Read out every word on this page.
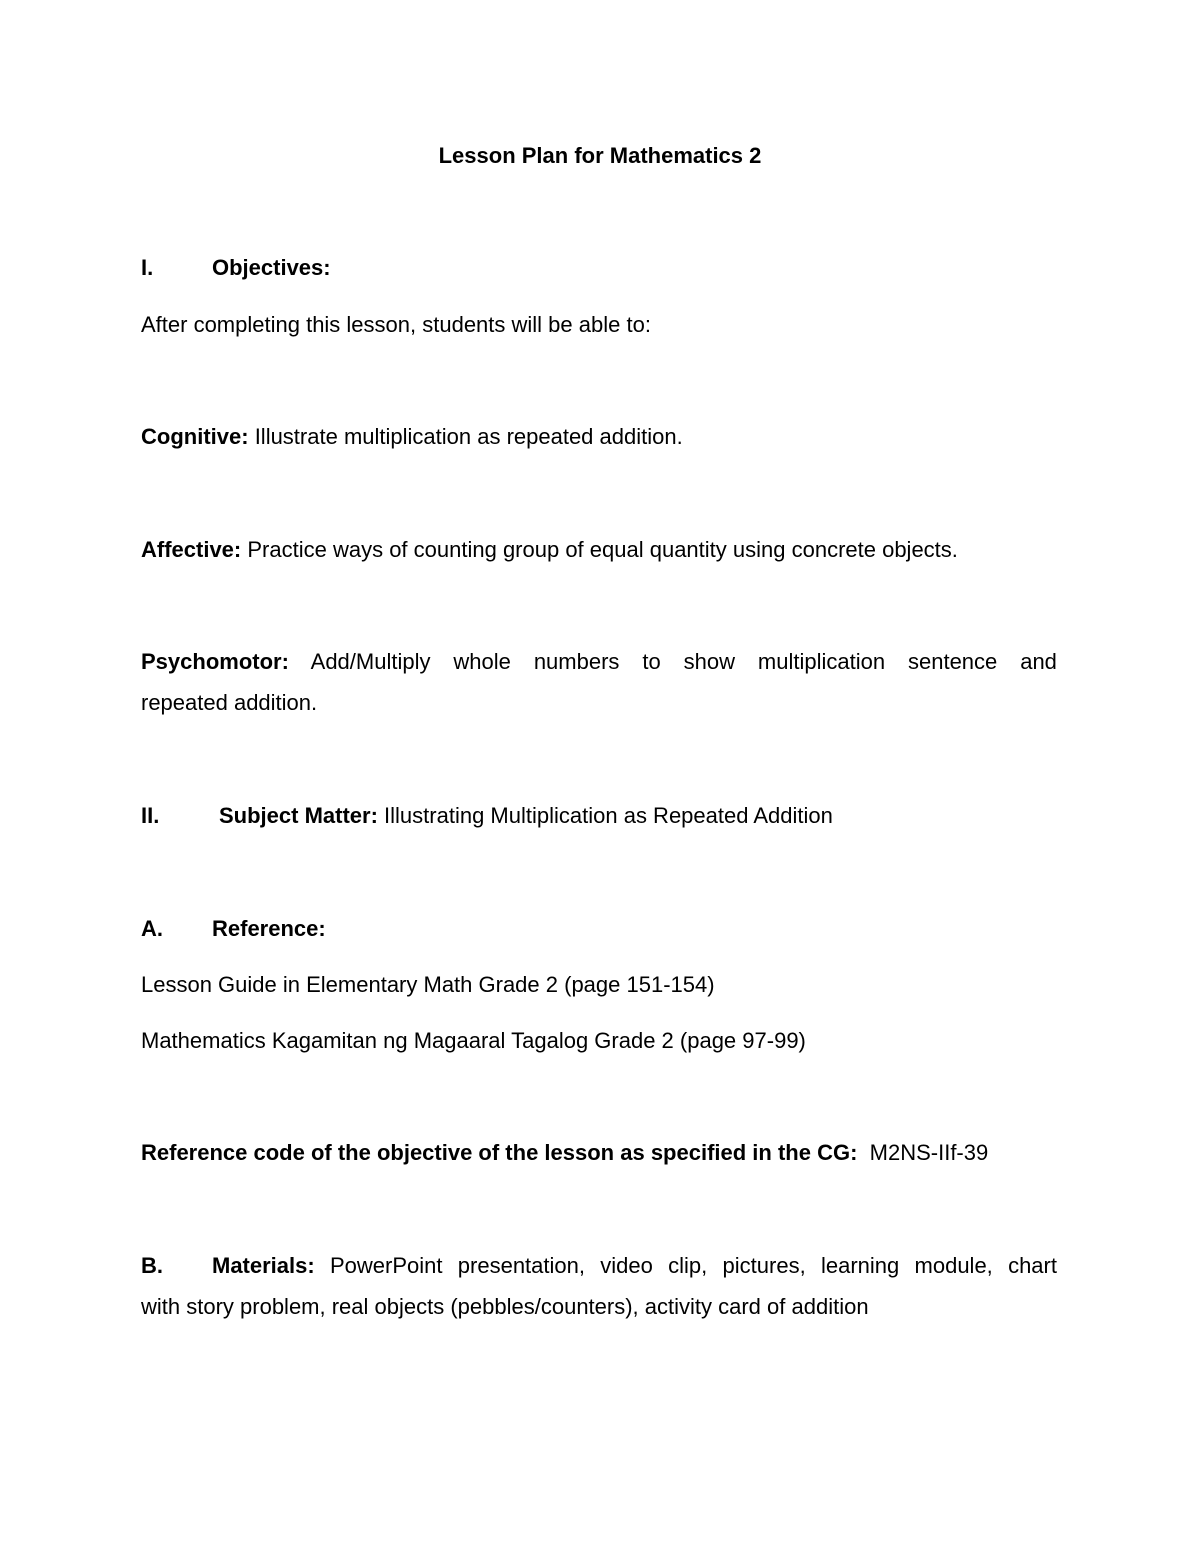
Lesson Plan for Mathematics 2
I.	Objectives:
After completing this lesson, students will be able to:
Cognitive: Illustrate multiplication as repeated addition.
Affective: Practice ways of counting group of equal quantity using concrete objects.
Psychomotor: Add/Multiply whole numbers to show multiplication sentence and
repeated addition.
II.	Subject Matter: Illustrating Multiplication as Repeated Addition
A. Reference:
Lesson Guide in Elementary Math Grade 2 (page 151-154)
Mathematics Kagamitan ng Magaaral Tagalog Grade 2 (page 97-99)
Reference code of the objective of the lesson as specified in the CG: M2NS-IIf-39
B. Materials: PowerPoint presentation, video clip, pictures, learning module, chart
with story problem, real objects (pebbles/counters), activity card of addition
